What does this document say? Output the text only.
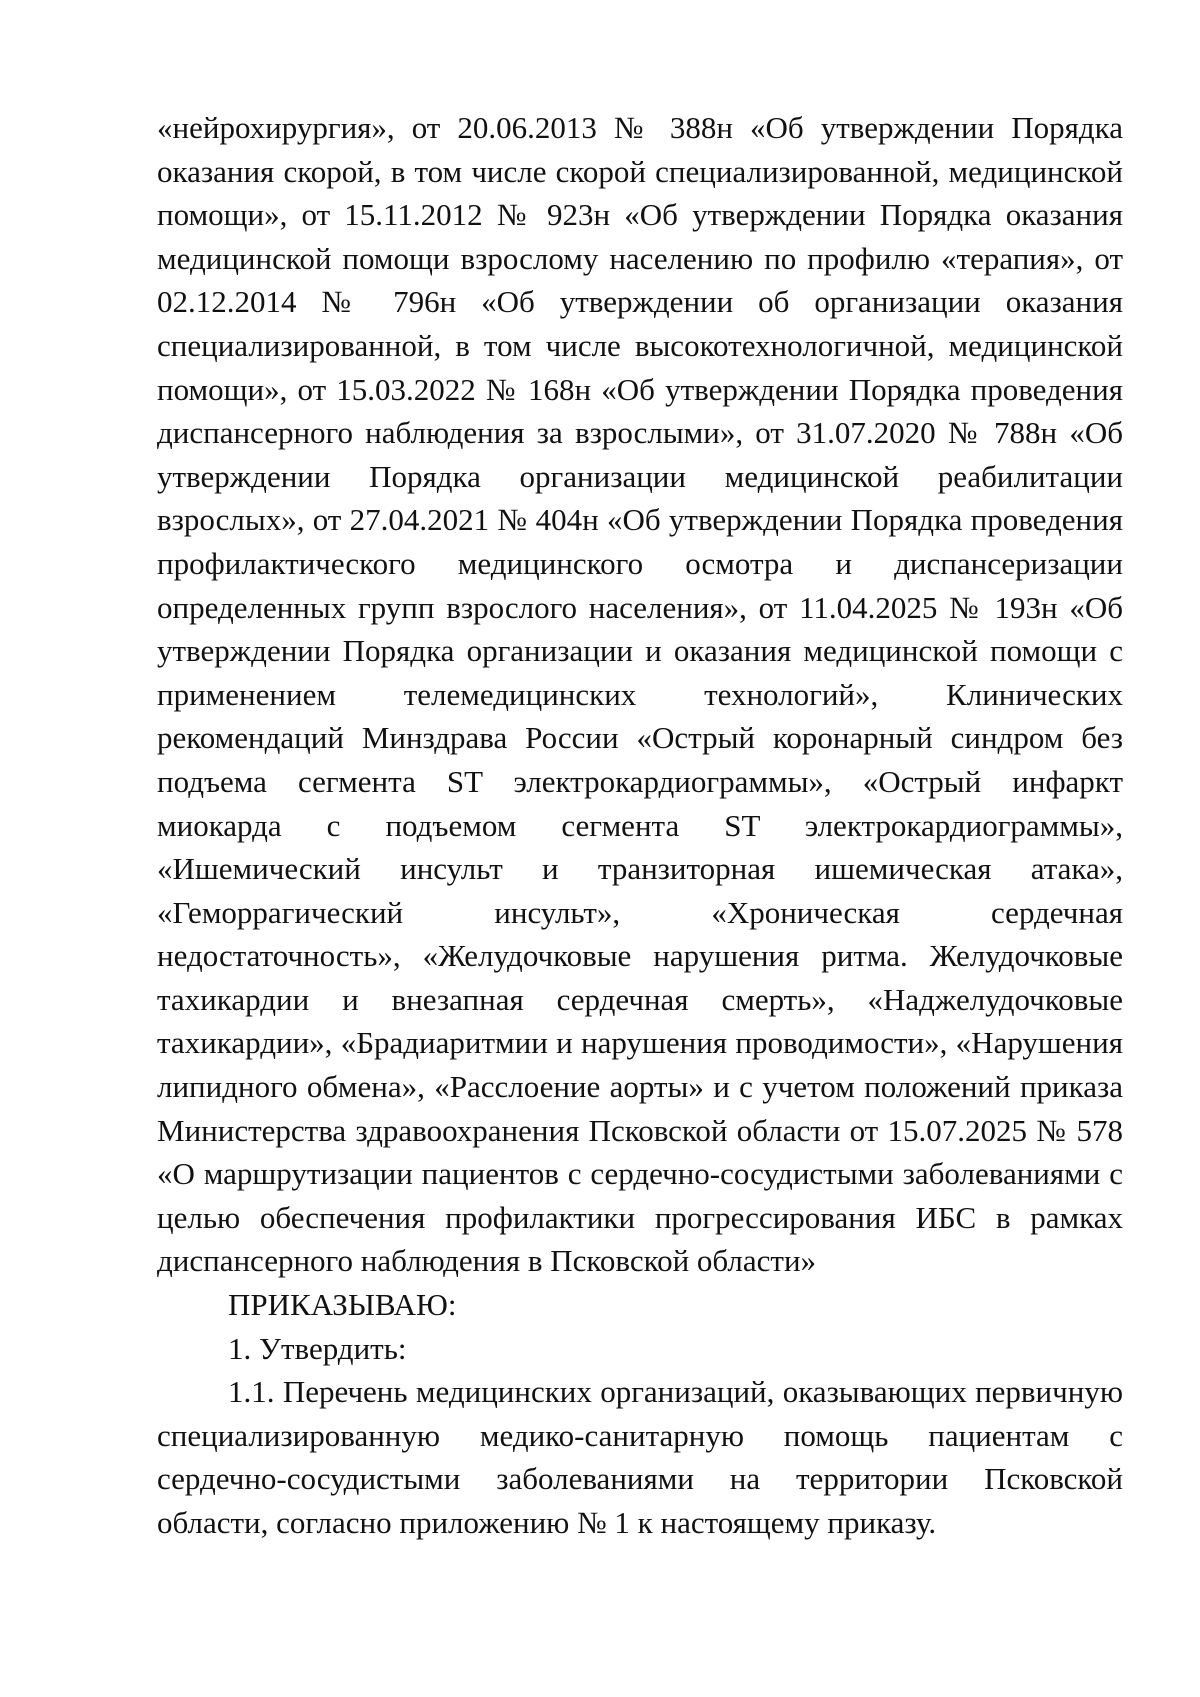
«нейрохирургия», от 20.06.2013 № 388н «Об утверждении Порядка оказания скорой, в том числе скорой специализированной, медицинской помощи», от 15.11.2012 № 923н «Об утверждении Порядка оказания медицинской помощи взрослому населению по профилю «терапия», от 02.12.2014 № 796н «Об утверждении об организации оказания специализированной, в том числе высокотехнологичной, медицинской помощи», от 15.03.2022 № 168н «Об утверждении Порядка проведения диспансерного наблюдения за взрослыми», от 31.07.2020 № 788н «Об утверждении Порядка организации медицинской реабилитации взрослых», от 27.04.2021 № 404н «Об утверждении Порядка проведения профилактического медицинского осмотра и диспансеризации определенных групп взрослого населения», от 11.04.2025 № 193н «Об утверждении Порядка организации и оказания медицинской помощи с применением телемедицинских технологий», Клинических рекомендаций Минздрава России «Острый коронарный синдром без подъема сегмента ST электрокардиограммы», «Острый инфаркт миокарда с подъемом сегмента ST электрокардиограммы», «Ишемический инсульт и транзиторная ишемическая атака», «Геморрагический инсульт», «Хроническая сердечная недостаточность», «Желудочковые нарушения ритма. Желудочковые тахикардии и внезапная сердечная смерть», «Наджелудочковые тахикардии», «Брадиаритмии и нарушения проводимости», «Нарушения липидного обмена», «Расслоение аорты» и с учетом положений приказа Министерства здравоохранения Псковской области от 15.07.2025 № 578 «О маршрутизации пациентов с сердечно-сосудистыми заболеваниями с целью обеспечения профилактики прогрессирования ИБС в рамках диспансерного наблюдения в Псковской области»

ПРИКАЗЫВАЮ:

1. Утвердить:

1.1. Перечень медицинских организаций, оказывающих первичную специализированную медико-санитарную помощь пациентам с сердечно-сосудистыми заболеваниями на территории Псковской области, согласно приложению № 1 к настоящему приказу.
